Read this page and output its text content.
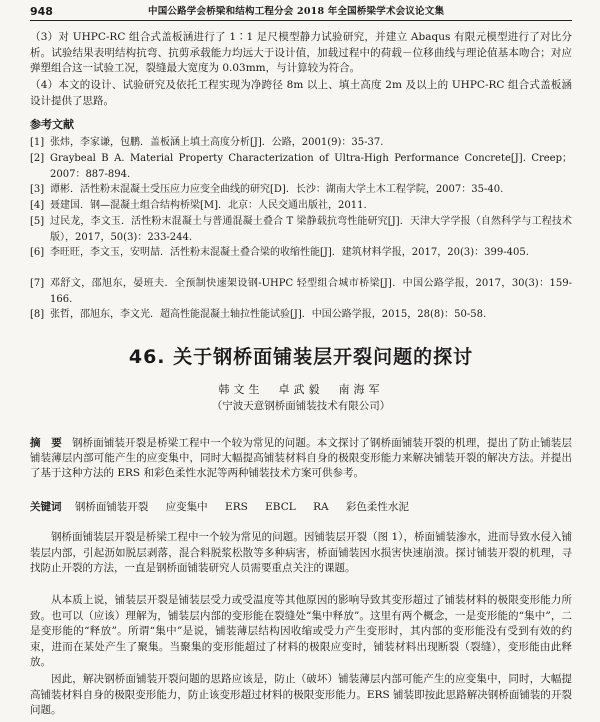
948	中国公路学会桥梁和结构工程分会 2018 年全国桥梁学术会议论文集
（3）对 UHPC-RC 组合式盖板涵进行了 1∶1 足尺模型静力试验研究，并建立 Abaqus 有限元模型进行了对比分析。试验结果表明结构抗弯、抗剪承载能力均远大于设计值，加载过程中的荷载－位移曲线与理论值基本吻合；对应弹塑组合这一试验工况，裂缝最大宽度为 0.03mm，与计算较为符合。
（4）本文的设计、试验研究及依托工程实现为净跨径 8m 以上、填土高度 2m 及以上的 UHPC-RC 组合式盖板涵设计提供了思路。
参考文献
[1] 张炜，李家谦，包鹏．盖板涵上填土高度分析[J]．公路，2001(9)：35-37.
[2] Graybeal B A. Material Property Characterization of Ultra-High Performance Concrete[J]. Creep；2007：887-894.
[3] 谭彬．活性粉末混凝土受压应力应变全曲线的研究[D]．长沙：湖南大学土木工程学院，2007：35-40.
[4] 聂建国．钢—混凝土组合结构桥梁[M]．北京：人民交通出版社，2011.
[5] 过民龙，李文玉．活性粉末混凝土与普通混凝土叠合 T 梁静载抗弯性能研究[J]．天津大学学报（自然科学与工程技术版），2017，50(3)：233-244.
[6] 李旺旺，李文玉，安明喆．活性粉末混凝土叠合梁的收缩性能[J]．建筑材料学报，2017，20(3)：399-405.
[7] 邓舒文，邵旭东，晏班夫．全预制快速架设钢-UHPC 轻型组合城市桥梁[J]．中国公路学报，2017，30(3)：159-166.
[8] 张哲，邵旭东，李文光．超高性能混凝土轴拉性能试验[J]．中国公路学报，2015，28(8)：50-58.
46. 关于钢桥面铺装层开裂问题的探讨
韩文生　卓武毅　南海军
（宁波天意钢桥面铺装技术有限公司）
摘　要 钢桥面铺装开裂是桥梁工程中一个较为常见的问题。本文探讨了钢桥面铺装开裂的机理，提出了防止铺装层铺装薄层内部可能产生的应变集中，同时大幅提高铺装材料自身的极限变形能力来解决铺装开裂的解决方法。并提出了基于这种方法的 ERS 和彩色柔性水泥等两种铺装技术方案可供参考。
关键词 钢桥面铺装开裂 应变集中 ERS EBCL RA 彩色柔性水泥
钢桥面铺装层开裂是桥梁工程中一个较为常见的问题。因铺装层开裂（图 1），桥面铺装渗水，进而导致水侵入铺装层内部，引起沥如脱层剥落，混合料脱浆松散等多种病害，桥面铺装因水损害快速崩溃。探讨铺装开裂的机理，寻找防止开裂的方法，一直是钢桥面铺装研究人员需要重点关注的课题。
从本质上说，铺装层开裂是铺装层受力或受温度等其他原因的影响导致其变形超过了铺装材料的极限变形能力所致。也可以（应该）理解为，铺装层内部的变形能在裂缝处“集中释放”。这里有两个概念，一是变形能的“集中”，二是变形能的“释放”。所谓“集中”是说，铺装薄层结构因收缩或受力产生变形时，其内部的变形能没有受到有效的约束，进而在某处产生了聚集。当聚集的变形能超过了材料的极限应变时，铺装材料出现断裂（裂缝），变形能由此释放。
因此，解决钢桥面铺装开裂问题的思路应该是，防止（破坏）铺装薄层内部可能产生的应变集中，同时，大幅提高铺装材料自身的极限变形能力，防止该变形超过材料的极限变形能力。ERS 铺装即按此思路解决钢桥面铺装的开裂问题。
